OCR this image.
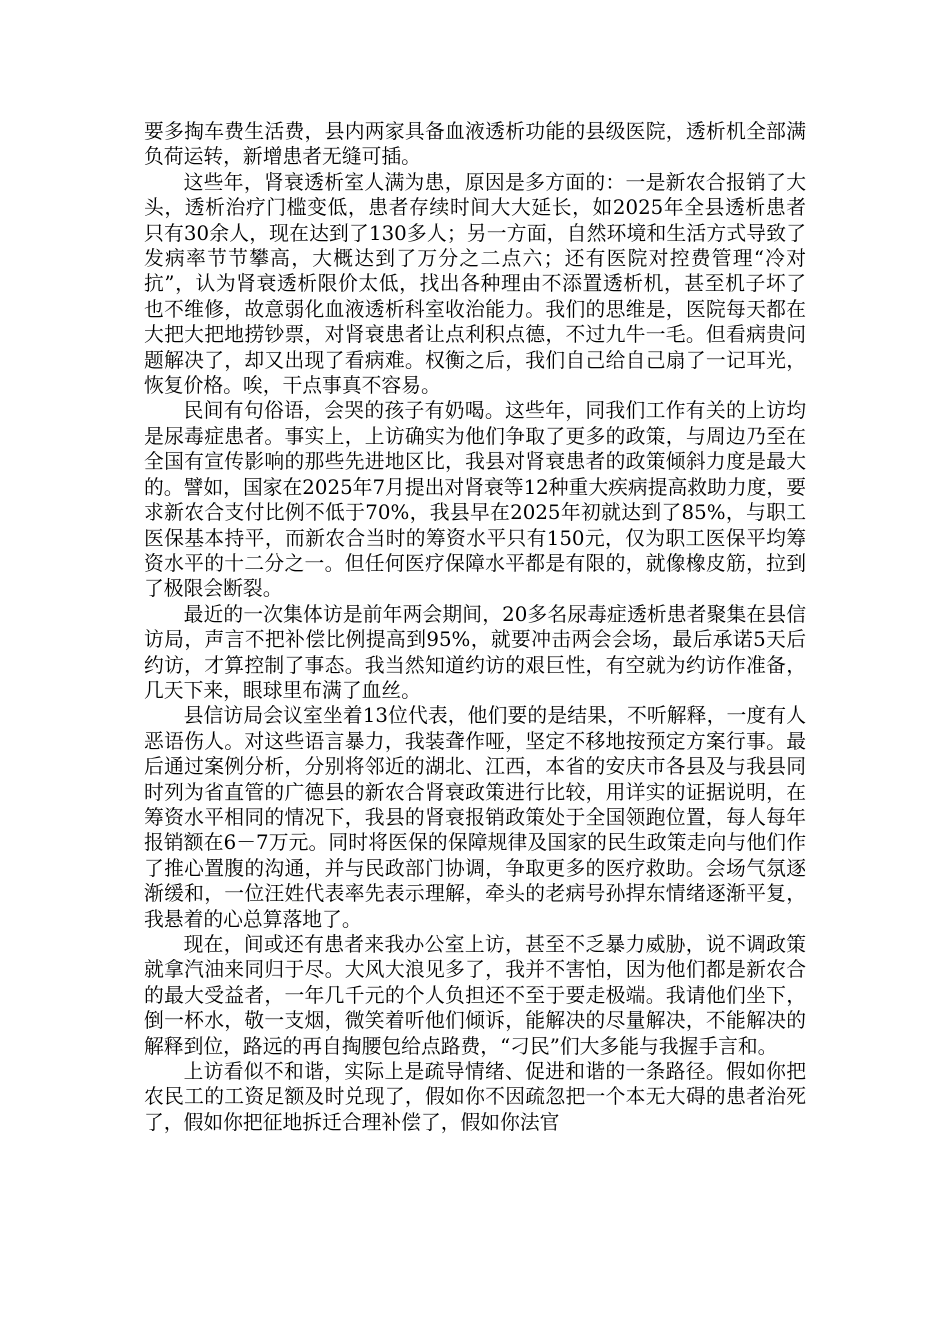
要多掏车费生活费，县内两家具备血液透析功能的县级医院，透析机全部满负荷运转，新增患者无缝可插。

这些年，肾衰透析室人满为患，原因是多方面的：一是新农合报销了大头，透析治疗门槛变低，患者存续时间大大延长，如2025年全县透析患者只有30余人，现在达到了130多人；另一方面，自然环境和生活方式导致了发病率节节攀高，大概达到了万分之二点六；还有医院对控费管理“冷对抗”，认为肾衰透析限价太低，找出各种理由不添置透析机，甚至机子坏了也不维修，故意弱化血液透析科室收治能力。我们的思维是，医院每天都在大把大把地捞钞票，对肾衰患者让点利积点德，不过九牛一毛。但看病贵问题解决了，却又出现了看病难。权衡之后，我们自己给自己扇了一记耳光，恢复价格。唉，干点事真不容易。

民间有句俗语，会哭的孩子有奶喝。这些年，同我们工作有关的上访均是尿毒症患者。事实上，上访确实为他们争取了更多的政策，与周边乃至在全国有宣传影响的那些先进地区比，我县对肾衰患者的政策倾斜力度是最大的。譬如，国家在2025年7月提出对肾衰等12种重大疾病提高救助力度，要求新农合支付比例不低于70%，我县早在2025年初就达到了85%，与职工医保基本持平，而新农合当时的筹资水平只有150元，仅为职工医保平均筹资水平的十二分之一。但任何医疗保障水平都是有限的，就像橡皮筋，拉到了极限会断裂。

最近的一次集体访是前年两会期间，20多名尿毒症透析患者聚集在县信访局，声言不把补偿比例提高到95%，就要冲击两会会场，最后承诺5天后约访，才算控制了事态。我当然知道约访的艰巨性，有空就为约访作准备，几天下来，眼球里布满了血丝。

县信访局会议室坐着13位代表，他们要的是结果，不听解释，一度有人恶语伤人。对这些语言暴力，我装聋作哑，坚定不移地按预定方案行事。最后通过案例分析，分别将邻近的湖北、江西，本省的安庆市各县及与我县同时列为省直管的广德县的新农合肾衰政策进行比较，用详实的证据说明，在筹资水平相同的情况下，我县的肾衰报销政策处于全国领跑位置，每人每年报销额在6－7万元。同时将医保的保障规律及国家的民生政策走向与他们作了推心置腹的沟通，并与民政部门协调，争取更多的医疗救助。会场气氛逐渐缓和，一位汪姓代表率先表示理解，牵头的老病号孙捍东情绪逐渐平复，我悬着的心总算落地了。

现在，间或还有患者来我办公室上访，甚至不乏暴力威胁，说不调政策就拿汽油来同归于尽。大风大浪见多了，我并不害怕，因为他们都是新农合的最大受益者，一年几千元的个人负担还不至于要走极端。我请他们坐下，倒一杯水，敬一支烟，微笑着听他们倾诉，能解决的尽量解决，不能解决的解释到位，路远的再自掏腰包给点路费，“刁民”们大多能与我握手言和。

上访看似不和谐，实际上是疏导情绪、促进和谐的一条路径。假如你把农民工的工资足额及时兑现了，假如你不因疏忽把一个本无大碍的患者治死了，假如你把征地拆迁合理补偿了，假如你法官
